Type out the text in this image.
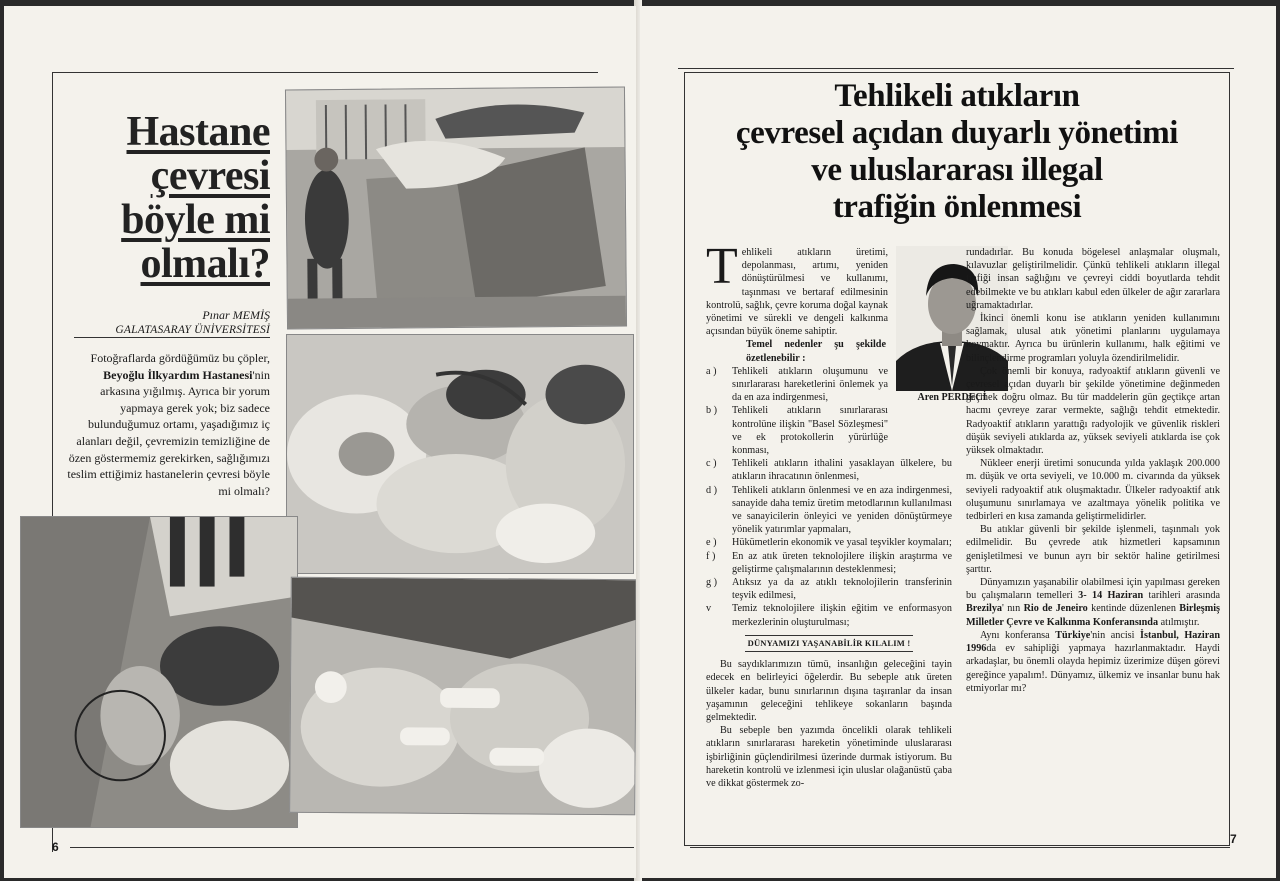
Hastane
çevresi
böyle mi
olmalı?
Pınar MEMİŞ
GALATASARAY ÜNİVERSİTESİ

Fotoğraflarda gördüğümüz bu çöpler, Beyoğlu İlkyardım Hastanesi'nin arkasına yığılmış. Ayrıca bir yorum yapmaya gerek yok; biz sadece bulunduğumuz ortamı, yaşadığımız iç alanları değil, çevremizin temizliğine de özen göstermemiz gerekirken, sağlığımızı teslim ettiğimiz hastanelerin çevresi böyle mi olmalı?

6
Tehlikeli atıkların
çevresel açıdan duyarlı yönetimi
ve uluslararası illegal
trafiğin önlenmesi
Aren PERDECİ

Tehlikeli atıkların üretimi, depolanması, artımı, yeniden dönüştürülmesi ve kullanımı, taşınması ve bertaraf edilmesinin kontrolü, sağlık, çevre koruma doğal kaynak yönetimi ve sürekli ve dengeli kalkınma açısından büyük öneme sahiptir.

Temel nedenler şu şekilde özetlenebilir :

a )	Tehlikeli atıkların oluşumunu ve sınırlararası hareketlerini önlemek ya da en aza indirgenmesi,
b )	Tehlikeli atıkların sınırlararası kontrolüne ilişkin "Basel Sözleşmesi" ve ek protokollerin yürürlüğe konması,
c )	Tehlikeli atıkların ithalini yasaklayan ülkelere, bu atıkların ihracatının önlenmesi,
d )	Tehlikeli atıkların önlenmesi ve en aza indirgenmesi, sanayide daha temiz üretim metodlarının kullanılması ve sanayicilerin önleyici ve yeniden dönüştürmeye yönelik yatırımlar yapmaları,
e )	Hükümetlerin ekonomik ve yasal teşvikler koymaları;
f )	En az atık üreten teknolojilere ilişkin araştırma ve geliştirme çalışmalarının desteklenmesi;
g )	Atıksız ya da az atıklı teknolojilerin transferinin teşvik edilmesi,
v	Temiz teknolojilere ilişkin eğitim ve enformasyon merkezlerinin oluşturulması;
DÜNYAMIZI YAŞANABİLİR KILALIM !

Bu saydıklarımızın tümü, insanlığın geleceğini tayin edecek en belirleyici öğelerdir. Bu sebeple atık üreten ülkeler kadar, bunu sınırlarının dışına taşıranlar da insan yaşamının geleceğini tehlikeye sokanların başında gelmektedir.

Bu sebeple ben yazımda öncelikli olarak tehlikeli atıkların sınırlararası hareketin yönetiminde uluslararası işbirliğinin güçlendirilmesi üzerinde durmak istiyorum. Bu hareketin kontrolü ve izlenmesi için uluslar olağanüstü çaba ve dikkat göstermek zo-

rundadırlar. Bu konuda bögelesel anlaşmalar oluşmalı, kılavuzlar geliştirilmelidir. Çünkü tehlikeli atıkların illegal trafiği insan sağlığını ve çevreyi ciddi boyutlarda tehdit edebilmekte ve bu atıkları kabul eden ülkeler de ağır zararlara uğramaktadırlar.

İkinci önemli konu ise atıkların yeniden kullanımını sağlamak, ulusal atık yönetimi planlarını uygulamaya koymaktır. Ayrıca bu ürünlerin kullanımı, halk eğitimi ve bilinçlendirme programları yoluyla özendirilmelidir.

Çok önemli bir konuya, radyoaktif atıkların güvenli ve çevresel açıdan duyarlı bir şekilde yönetimine değinmeden geçmek doğru olmaz. Bu tür maddelerin gün geçtikçe artan hacmı çevreye zarar vermekte, sağlığı tehdit etmektedir. Radyoaktif atıkların yarattığı radyolojik ve güvenlik riskleri düşük seviyeli atıklarda az, yüksek seviyeli atıklarda ise çok yüksek olmaktadır.

Nükleer enerji üretimi sonucunda yılda yaklaşık 200.000 m. düşük ve orta seviyeli, ve 10.000 m. civarında da yüksek seviyeli radyoaktif atık oluşmaktadır. Ülkeler radyoaktif atık oluşumunu sınırlamaya ve azaltmaya yönelik politika ve tedbirleri en kısa zamanda geliştirmelidirler.

Bu atıklar güvenli bir şekilde işlenmeli, taşınmalı yok edilmelidir. Bu çevrede atık hizmetleri kapsamının genişletilmesi ve bunun ayrı bir sektör haline getirilmesi şarttır.

Dünyamızın yaşanabilir olabilmesi için yapılması gereken bu çalışmaların temelleri 3- 14 Haziran tarihleri arasında Brezilya' nın Rio de Jeneiro kentinde düzenlenen Birleşmiş Milletler Çevre ve Kalkınma Konferansında atılmıştır.

Aynı konferansa Türkiye'nin ancisi İstanbul, Haziran 1996da ev sahipliği yapmaya hazırlanmaktadır. Haydi arkadaşlar, bu önemli olayda hepimiz üzerimize düşen görevi gereğince yapalım!. Dünyamız, ülkemiz ve insanlar bunu hak etmiyorlar mı?

7
